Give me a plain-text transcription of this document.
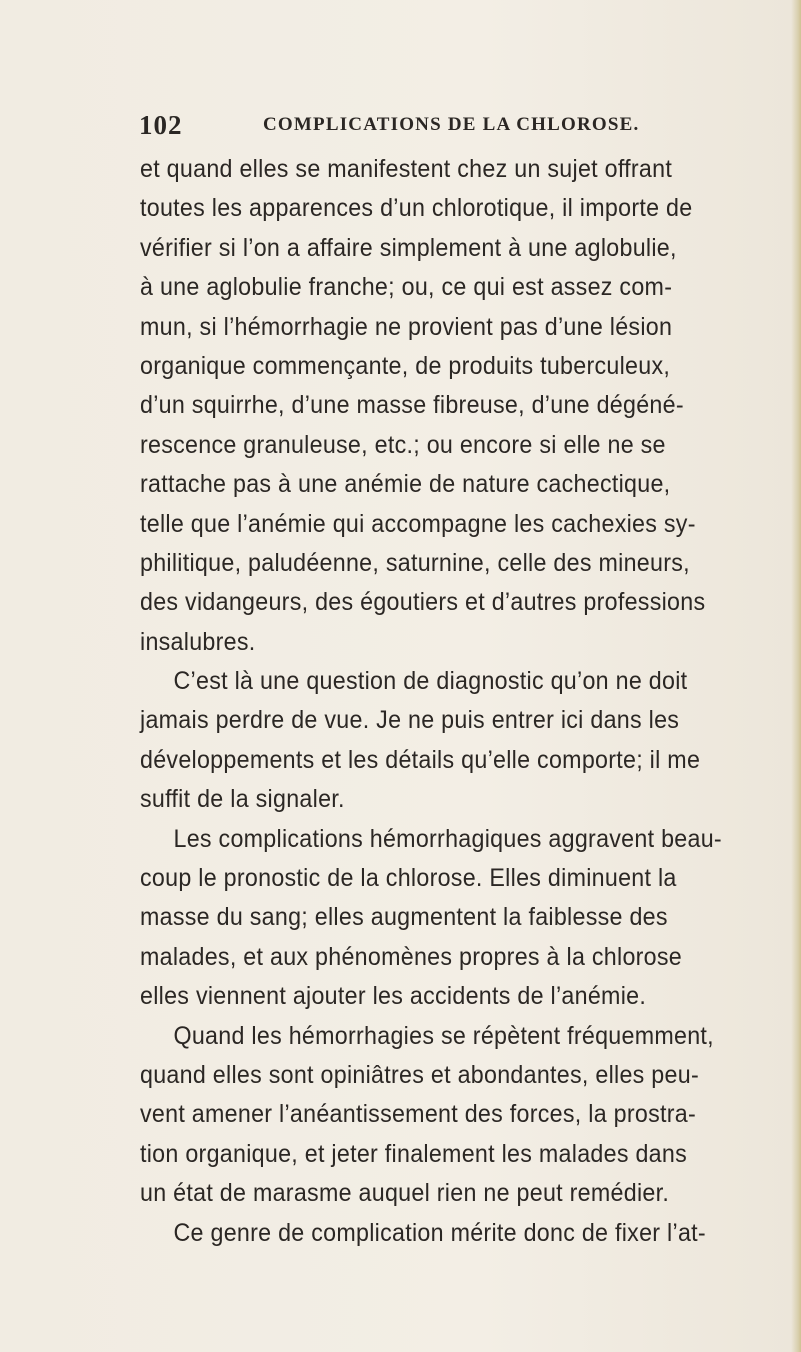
102	COMPLICATIONS DE LA CHLOROSE.
et quand elles se manifestent chez un sujet offrant
toutes les apparences d’un chlorotique, il importe de
vérifier si l’on a affaire simplement à une aglobulie,
à une aglobulie franche; ou, ce qui est assez com-
mun, si l’hémorrhagie ne provient pas d’une lésion
organique commençante, de produits tuberculeux,
d’un squirrhe, d’une masse fibreuse, d’une dégéné-
rescence granuleuse, etc.; ou encore si elle ne se
rattache pas à une anémie de nature cachectique,
telle que l’anémie qui accompagne les cachexies sy-
philitique, paludéenne, saturnine, celle des mineurs,
des vidangeurs, des égoutiers et d’autres professions
insalubres.
C’est là une question de diagnostic qu’on ne doit
jamais perdre de vue. Je ne puis entrer ici dans les
développements et les détails qu’elle comporte; il me
suffit de la signaler.
Les complications hémorrhagiques aggravent beau-
coup le pronostic de la chlorose. Elles diminuent la
masse du sang; elles augmentent la faiblesse des
malades, et aux phénomènes propres à la chlorose
elles viennent ajouter les accidents de l’anémie.
Quand les hémorrhagies se répètent fréquemment,
quand elles sont opiniâtres et abondantes, elles peu-
vent amener l’anéantissement des forces, la prostra-
tion organique, et jeter finalement les malades dans
un état de marasme auquel rien ne peut remédier.
Ce genre de complication mérite donc de fixer l’at-
